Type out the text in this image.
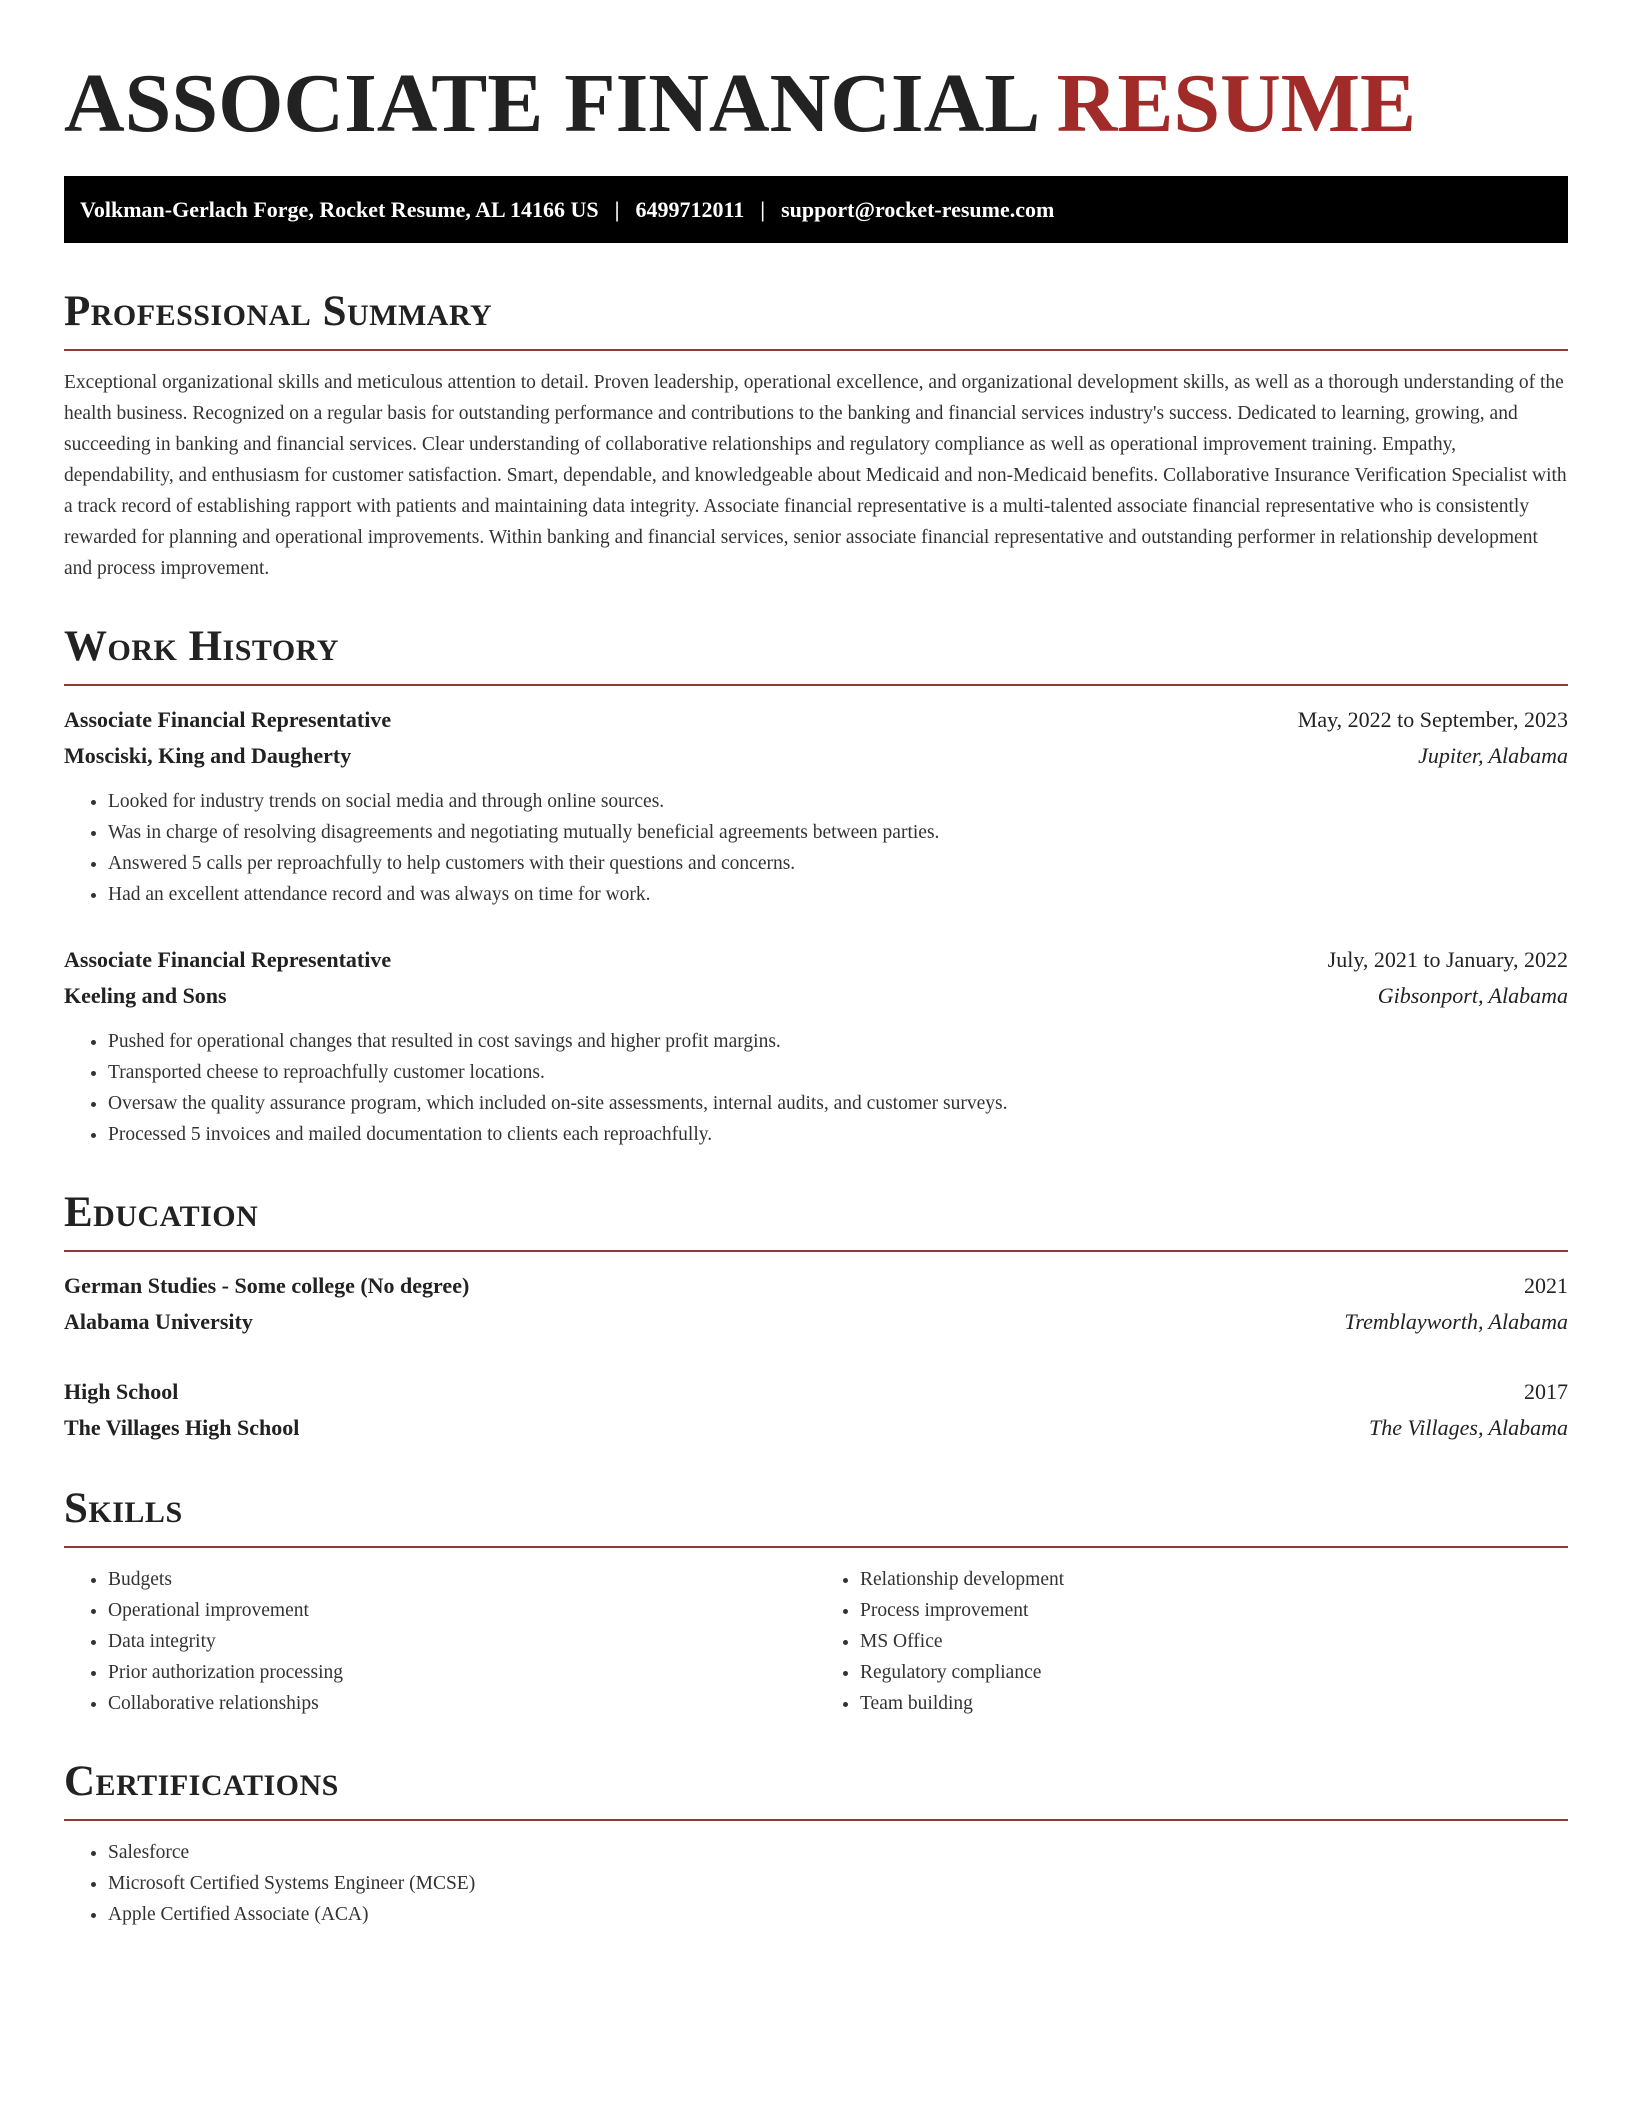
ASSOCIATE FINANCIAL RESUME
Volkman-Gerlach Forge, Rocket Resume, AL 14166 US | 6499712011 | support@rocket-resume.com
Professional Summary

Exceptional organizational skills and meticulous attention to detail. Proven leadership, operational excellence, and organizational development skills, as well as a thorough understanding of the health business. Recognized on a regular basis for outstanding performance and contributions to the banking and financial services industry's success. Dedicated to learning, growing, and succeeding in banking and financial services. Clear understanding of collaborative relationships and regulatory compliance as well as operational improvement training. Empathy, dependability, and enthusiasm for customer satisfaction. Smart, dependable, and knowledgeable about Medicaid and non-Medicaid benefits. Collaborative Insurance Verification Specialist with a track record of establishing rapport with patients and maintaining data integrity. Associate financial representative is a multi-talented associate financial representative who is consistently rewarded for planning and operational improvements. Within banking and financial services, senior associate financial representative and outstanding performer in relationship development and process improvement.

Work History
Associate Financial Representative	May, 2022 to September, 2023
Mosciski, King and Daugherty	Jupiter, Alabama
• Looked for industry trends on social media and through online sources.
• Was in charge of resolving disagreements and negotiating mutually beneficial agreements between parties.
• Answered 5 calls per reproachfully to help customers with their questions and concerns.
• Had an excellent attendance record and was always on time for work.
Associate Financial Representative	July, 2021 to January, 2022
Keeling and Sons	Gibsonport, Alabama
• Pushed for operational changes that resulted in cost savings and higher profit margins.
• Transported cheese to reproachfully customer locations.
• Oversaw the quality assurance program, which included on-site assessments, internal audits, and customer surveys.
• Processed 5 invoices and mailed documentation to clients each reproachfully.
Education
German Studies - Some college (No degree)	2021
Alabama University	Tremblayworth, Alabama
High School	2017
The Villages High School	The Villages, Alabama
Skills
• Budgets
• Operational improvement
• Data integrity
• Prior authorization processing
• Collaborative relationships
• Relationship development
• Process improvement
• MS Office
• Regulatory compliance
• Team building
Certifications
• Salesforce
• Microsoft Certified Systems Engineer (MCSE)
• Apple Certified Associate (ACA)
